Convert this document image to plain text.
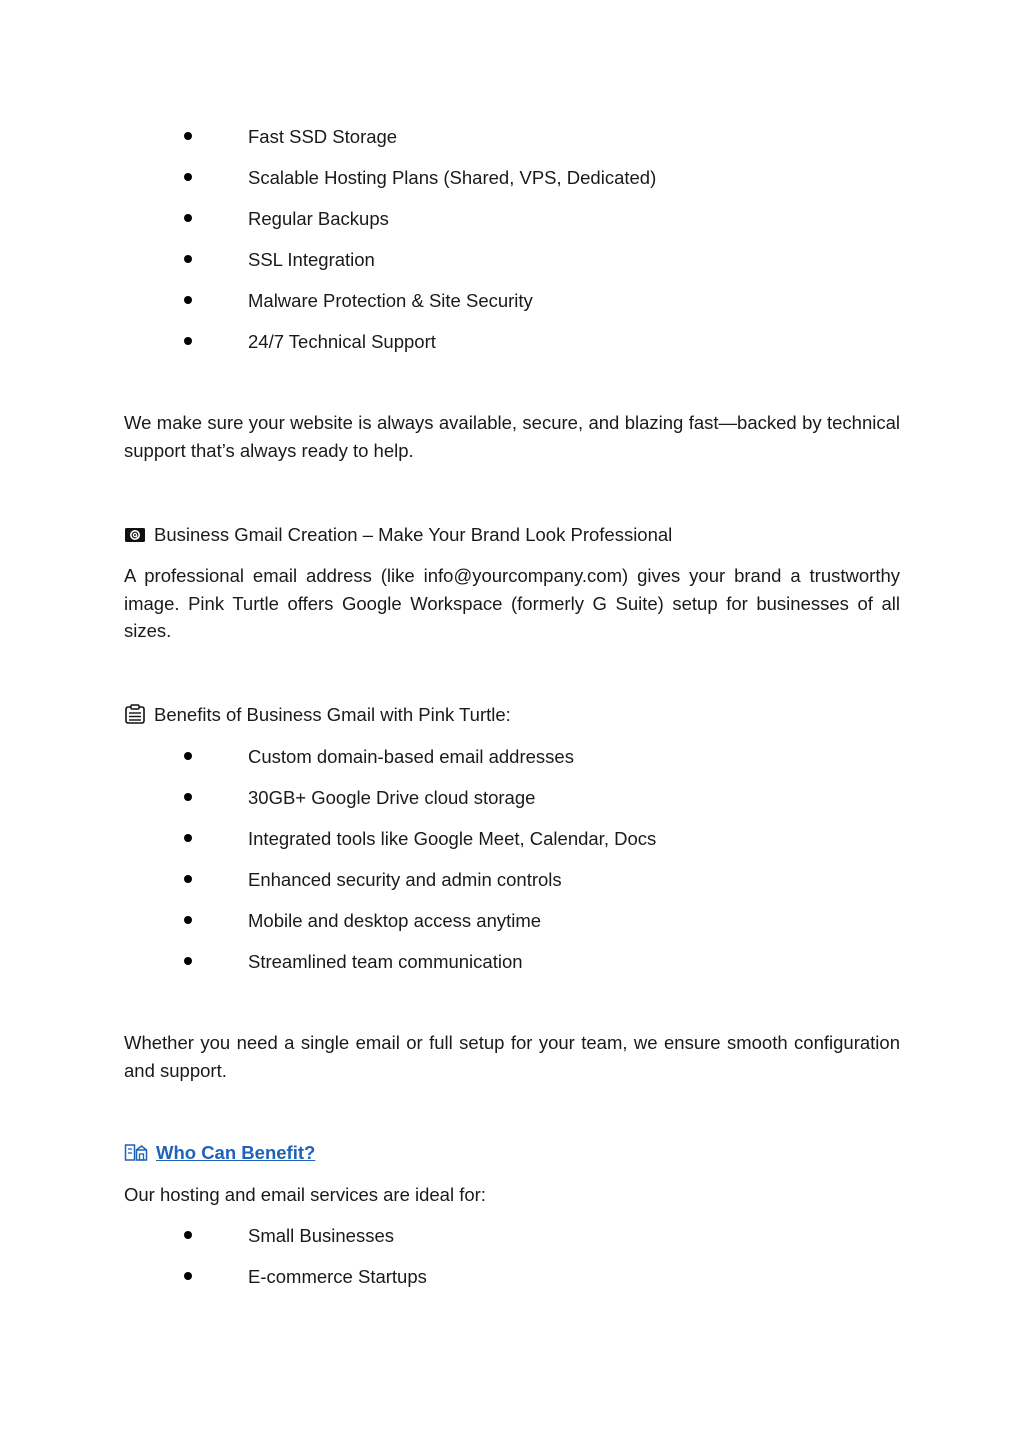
Fast SSD Storage
Scalable Hosting Plans (Shared, VPS, Dedicated)
Regular Backups
SSL Integration
Malware Protection & Site Security
24/7 Technical Support

We make sure your website is always available, secure, and blazing fast—backed by technical support that’s always ready to help.

Business Gmail Creation – Make Your Brand Look Professional

A professional email address (like info@yourcompany.com) gives your brand a trustworthy image. Pink Turtle offers Google Workspace (formerly G Suite) setup for businesses of all sizes.

Benefits of Business Gmail with Pink Turtle:
Custom domain-based email addresses
30GB+ Google Drive cloud storage
Integrated tools like Google Meet, Calendar, Docs
Enhanced security and admin controls
Mobile and desktop access anytime
Streamlined team communication

Whether you need a single email or full setup for your team, we ensure smooth configuration and support.

Who Can Benefit?

Our hosting and email services are ideal for:

Small Businesses
E-commerce Startups
